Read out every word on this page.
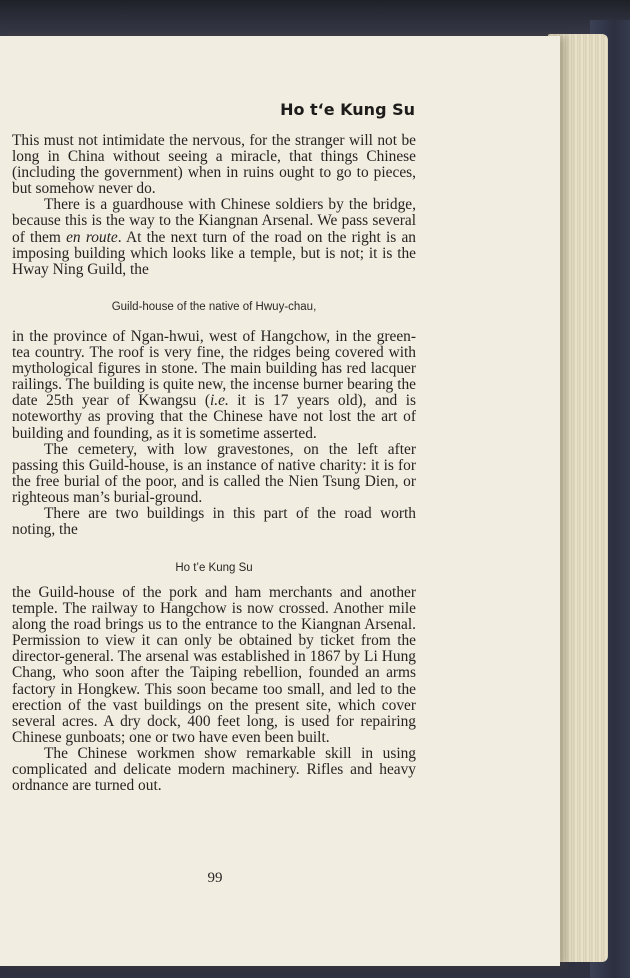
Ho t‘e Kung Su

This must not intimidate the nervous, for the stranger will not be long in China without seeing a miracle, that things Chinese (including the government) when in ruins ought to go to pieces, but somehow never do.

There is a guardhouse with Chinese soldiers by the bridge, because this is the way to the Kiangnan Arsenal. We pass several of them en route. At the next turn of the road on the right is an imposing building which looks like a temple, but is not; it is the Hway Ning Guild, the

Guild-house of the native of Hwuy-chau,

in the province of Ngan-hwui, west of Hangchow, in the green-tea country. The roof is very fine, the ridges being covered with mythological figures in stone. The main building has red lacquer railings. The building is quite new, the incense burner bearing the date 25th year of Kwangsu (i.e. it is 17 years old), and is noteworthy as proving that the Chinese have not lost the art of building and founding, as it is sometime asserted.

The cemetery, with low gravestones, on the left after passing this Guild-house, is an instance of native charity: it is for the free burial of the poor, and is called the Nien Tsung Dien, or righteous man’s burial-ground.

There are two buildings in this part of the road worth noting, the

Ho t’e Kung Su

the Guild-house of the pork and ham merchants and another temple. The railway to Hangchow is now crossed. Another mile along the road brings us to the entrance to the Kiangnan Arsenal. Permission to view it can only be obtained by ticket from the director-general. The arsenal was established in 1867 by Li Hung Chang, who soon after the Taiping rebellion, founded an arms factory in Hongkew. This soon became too small, and led to the erection of the vast buildings on the present site, which cover several acres. A dry dock, 400 feet long, is used for repairing Chinese gunboats; one or two have even been built.

The Chinese workmen show remarkable skill in using complicated and delicate modern machinery. Rifles and heavy ordnance are turned out.

99
